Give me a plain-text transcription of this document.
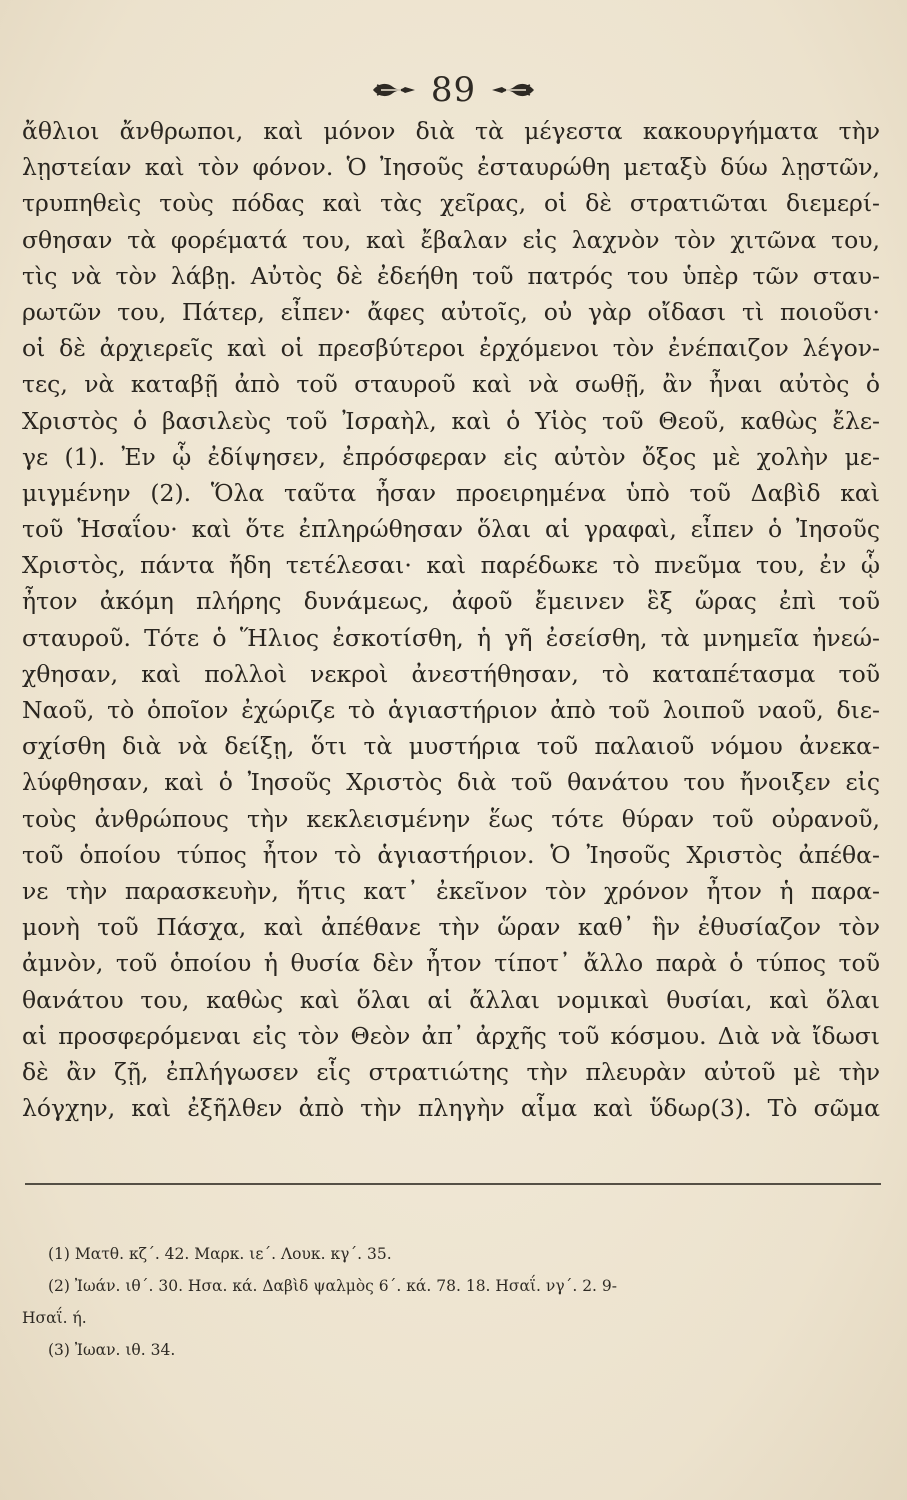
89
ἄθλιοι ἄνθρωποι, καὶ μόνον διὰ τὰ μέγεστα κακουργήματα τὴν
λῃστείαν καὶ τὸν φόνον. Ὁ Ἰησοῦς ἐσταυρώθη μεταξὺ δύω λῃστῶν,
τρυπηθεὶς τοὺς πόδας καὶ τὰς χεῖρας, οἱ δὲ στρατιῶται διεμερί-
σθησαν τὰ φορέματά του, καὶ ἔβαλαν εἰς λαχνὸν τὸν χιτῶνα του,
τὶς νὰ τὸν λάβῃ. Αὐτὸς δὲ ἐδεήθη τοῦ πατρός του ὑπὲρ τῶν σταυ-
ρωτῶν του, Πάτερ, εἶπεν· ἄφες αὐτοῖς, οὐ γὰρ οἴδασι τὶ ποιοῦσι·
οἱ δὲ ἀρχιερεῖς καὶ οἱ πρεσβύτεροι ἐρχόμενοι τὸν ἐνέπαιζον λέγον-
τες, νὰ καταβῇ ἀπὸ τοῦ σταυροῦ καὶ νὰ σωθῇ, ἂν ἦναι αὐτὸς ὁ
Χριστὸς ὁ βασιλεὺς τοῦ Ἰσραὴλ, καὶ ὁ Υἱὸς τοῦ Θεοῦ, καθὼς ἔλε-
γε (1). Ἐν ᾧ ἐδίψησεν, ἐπρόσφεραν εἰς αὐτὸν ὄξος μὲ χολὴν με-
μιγμένην (2). Ὅλα ταῦτα ἦσαν προειρημένα ὑπὸ τοῦ Δαβὶδ καὶ
τοῦ Ἡσαΐου· καὶ ὅτε ἐπληρώθησαν ὅλαι αἱ γραφαὶ, εἶπεν ὁ Ἰησοῦς
Χριστὸς, πάντα ἤδη τετέλεσαι· καὶ παρέδωκε τὸ πνεῦμα του, ἐν ᾧ
ἦτον ἀκόμη πλήρης δυνάμεως, ἀφοῦ ἔμεινεν ἓξ ὥρας ἐπὶ τοῦ
σταυροῦ. Τότε ὁ Ἥλιος ἐσκοτίσθη, ἡ γῆ ἐσείσθη, τὰ μνημεῖα ἠνεώ-
χθησαν, καὶ πολλοὶ νεκροὶ ἀνεστήθησαν, τὸ καταπέτασμα τοῦ
Ναοῦ, τὸ ὁποῖον ἐχώριζε τὸ ἁγιαστήριον ἀπὸ τοῦ λοιποῦ ναοῦ, διε-
σχίσθη διὰ νὰ δείξῃ, ὅτι τὰ μυστήρια τοῦ παλαιοῦ νόμου ἀνεκα-
λύφθησαν, καὶ ὁ Ἰησοῦς Χριστὸς διὰ τοῦ θανάτου του ἤνοιξεν εἰς
τοὺς ἀνθρώπους τὴν κεκλεισμένην ἕως τότε θύραν τοῦ οὐρανοῦ,
τοῦ ὁποίου τύπος ἦτον τὸ ἁγιαστήριον. Ὁ Ἰησοῦς Χριστὸς ἀπέθα-
νε τὴν παρασκευὴν, ἥτις κατ᾽ ἐκεῖνον τὸν χρόνον ἦτον ἡ παρα-
μονὴ τοῦ Πάσχα, καὶ ἀπέθανε τὴν ὥραν καθ᾽ ἣν ἐθυσίαζον τὸν
ἀμνὸν, τοῦ ὁποίου ἡ θυσία δὲν ἦτον τίποτ᾽ ἄλλο παρὰ ὁ τύπος τοῦ
θανάτου του, καθὼς καὶ ὅλαι αἱ ἄλλαι νομικαὶ θυσίαι, καὶ ὅλαι
αἱ προσφερόμεναι εἰς τὸν Θεὸν ἀπ᾽ ἀρχῆς τοῦ κόσμου. Διὰ νὰ ἴδωσι
δὲ ἂν ζῇ, ἐπλήγωσεν εἷς στρατιώτης τὴν πλευρὰν αὐτοῦ μὲ τὴν
λόγχην, καὶ ἐξῆλθεν ἀπὸ τὴν πληγὴν αἷμα καὶ ὕδωρ(3). Τὸ σῶμα
(1) Ματθ. κζ΄. 42. Μαρκ. ιε΄. Λουκ. κγ΄. 35.
(2) Ἰωάν. ιθ΄. 30. Ησα. κά. Δαβὶδ ψαλμὸς 6΄. κά. 78. 18. Ησαΐ. νγ΄. 2. 9-
Ησαΐ. ή.
(3) Ἰωαν. ιθ. 34.
